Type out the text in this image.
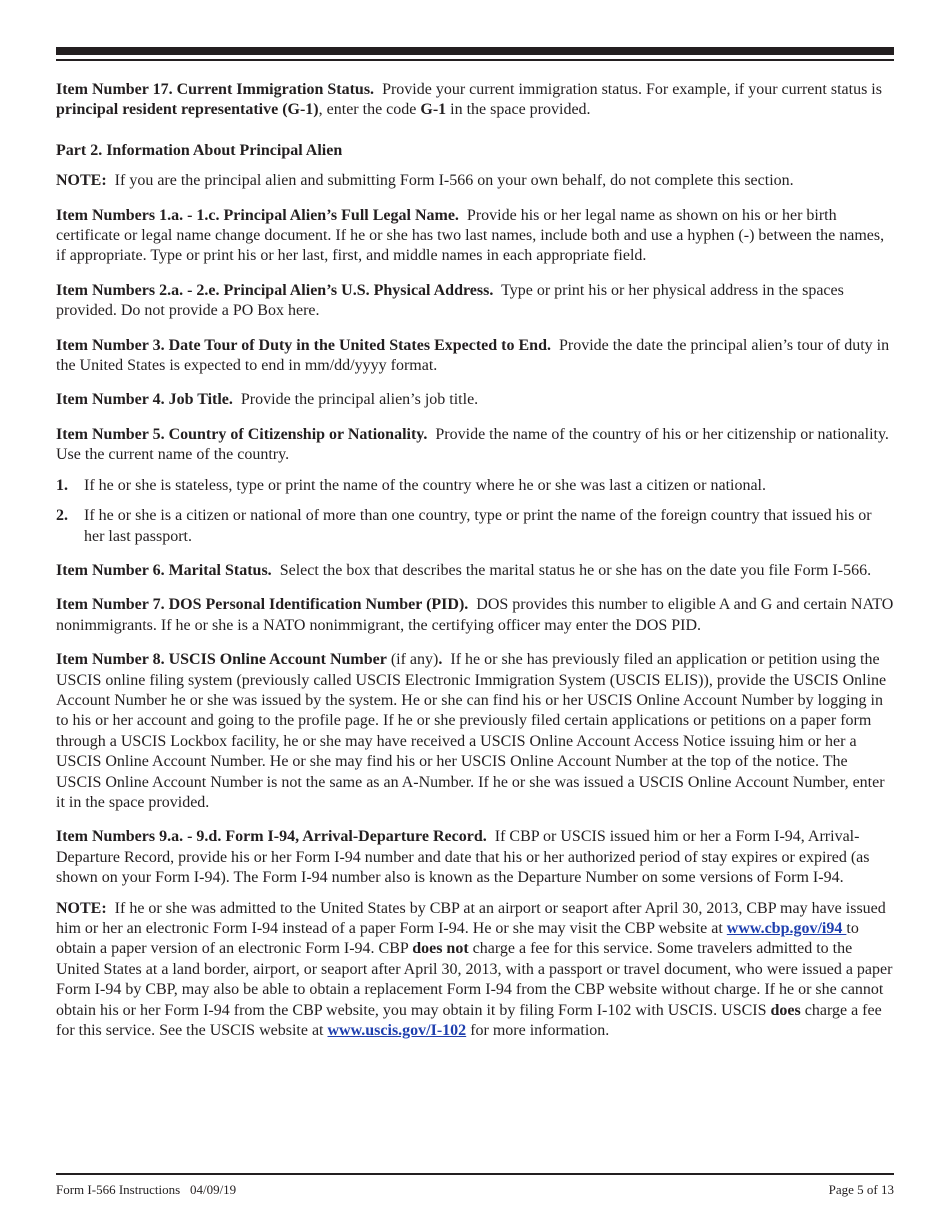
Item Number 17. Current Immigration Status. Provide your current immigration status. For example, if your current status is principal resident representative (G-1), enter the code G-1 in the space provided.

Part 2. Information About Principal Alien

NOTE: If you are the principal alien and submitting Form I-566 on your own behalf, do not complete this section.

Item Numbers 1.a. - 1.c. Principal Alien’s Full Legal Name. Provide his or her legal name as shown on his or her birth certificate or legal name change document. If he or she has two last names, include both and use a hyphen (-) between the names, if appropriate. Type or print his or her last, first, and middle names in each appropriate field.

Item Numbers 2.a. - 2.e. Principal Alien’s U.S. Physical Address. Type or print his or her physical address in the spaces provided. Do not provide a PO Box here.

Item Number 3. Date Tour of Duty in the United States Expected to End. Provide the date the principal alien’s tour of duty in the United States is expected to end in mm/dd/yyyy format.

Item Number 4. Job Title. Provide the principal alien’s job title.

Item Number 5. Country of Citizenship or Nationality. Provide the name of the country of his or her citizenship or nationality. Use the current name of the country.

1.	If he or she is stateless, type or print the name of the country where he or she was last a citizen or national.
2.	If he or she is a citizen or national of more than one country, type or print the name of the foreign country that issued his or her last passport.

Item Number 6. Marital Status. Select the box that describes the marital status he or she has on the date you file Form I-566.

Item Number 7. DOS Personal Identification Number (PID). DOS provides this number to eligible A and G and certain NATO nonimmigrants. If he or she is a NATO nonimmigrant, the certifying officer may enter the DOS PID.

Item Number 8. USCIS Online Account Number (if any). If he or she has previously filed an application or petition using the USCIS online filing system (previously called USCIS Electronic Immigration System (USCIS ELIS)), provide the USCIS Online Account Number he or she was issued by the system. He or she can find his or her USCIS Online Account Number by logging in to his or her account and going to the profile page. If he or she previously filed certain applications or petitions on a paper form through a USCIS Lockbox facility, he or she may have received a USCIS Online Account Access Notice issuing him or her a USCIS Online Account Number. He or she may find his or her USCIS Online Account Number at the top of the notice. The USCIS Online Account Number is not the same as an A-Number. If he or she was issued a USCIS Online Account Number, enter it in the space provided.

Item Numbers 9.a. - 9.d. Form I-94, Arrival-Departure Record. If CBP or USCIS issued him or her a Form I-94, Arrival-Departure Record, provide his or her Form I-94 number and date that his or her authorized period of stay expires or expired (as shown on your Form I-94). The Form I-94 number also is known as the Departure Number on some versions of Form I-94.

NOTE: If he or she was admitted to the United States by CBP at an airport or seaport after April 30, 2013, CBP may have issued him or her an electronic Form I-94 instead of a paper Form I-94. He or she may visit the CBP website at www.cbp.gov/i94 to obtain a paper version of an electronic Form I-94. CBP does not charge a fee for this service. Some travelers admitted to the United States at a land border, airport, or seaport after April 30, 2013, with a passport or travel document, who were issued a paper Form I-94 by CBP, may also be able to obtain a replacement Form I-94 from the CBP website without charge. If he or she cannot obtain his or her Form I-94 from the CBP website, you may obtain it by filing Form I-102 with USCIS. USCIS does charge a fee for this service. See the USCIS website at www.uscis.gov/I-102 for more information.

Form I-566 Instructions   04/09/19	Page 5 of 13
